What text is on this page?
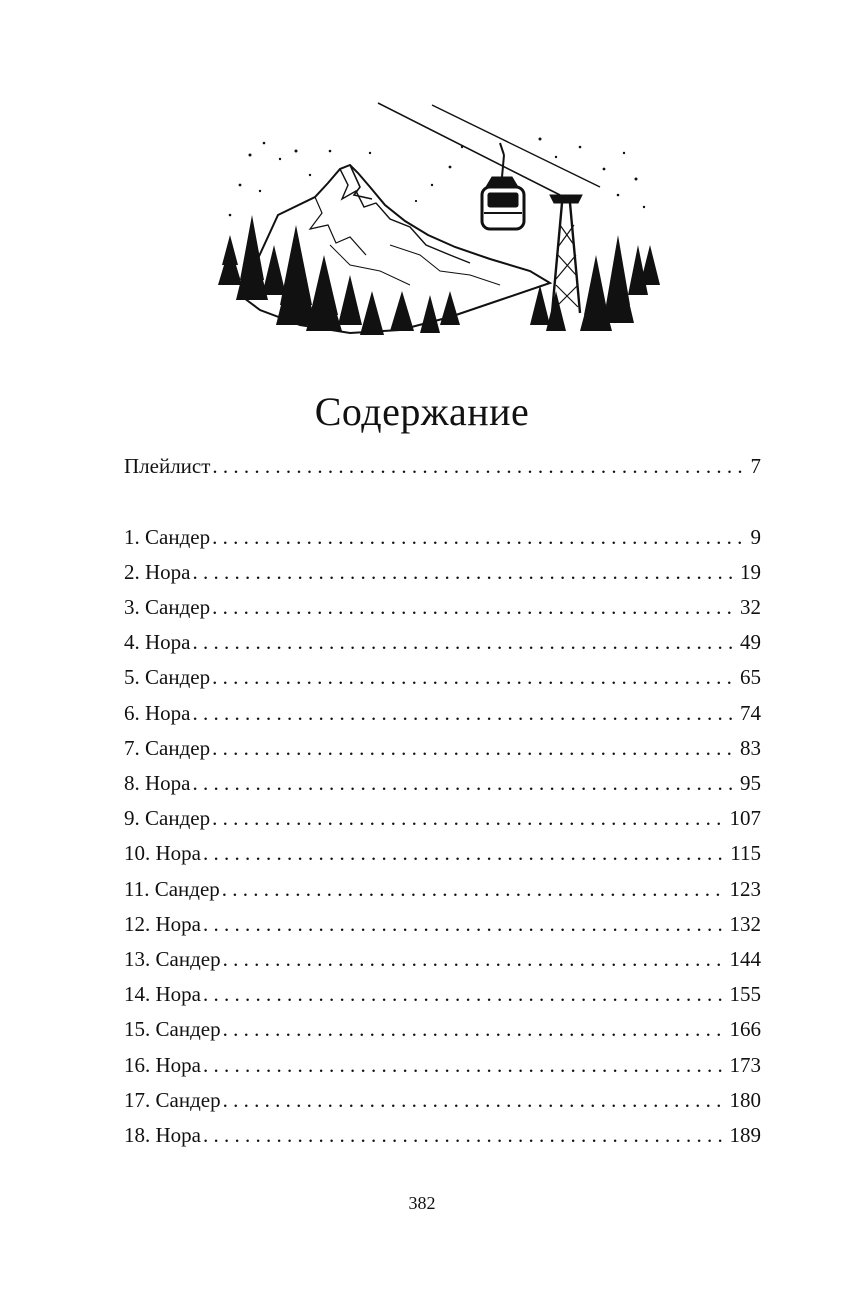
Содержание
Плейлист . . .	7
1. Сандер . . .	9
2. Нора . . .	19
3. Сандер . . .	32
4. Нора . . .	49
5. Сандер . . .	65
6. Нора . . .	74
7. Сандер . . .	83
8. Нора . . .	95
9. Сандер . . .	107
10. Нора . . .	115
11. Сандер . . .	123
12. Нора . . .	132
13. Сандер . . .	144
14. Нора . . .	155
15. Сандер . . .	166
16. Нора . . .	173
17. Сандер . . .	180
18. Нора . . .	189
382
